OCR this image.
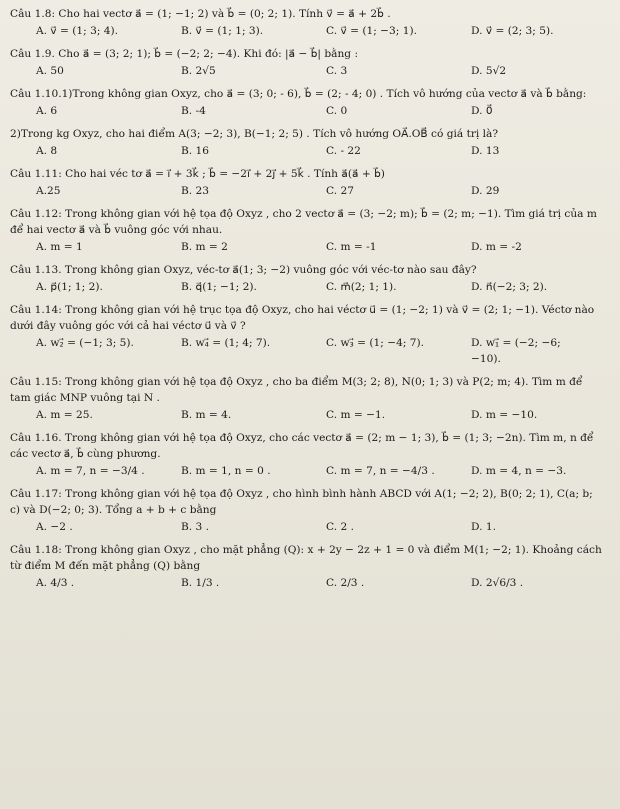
Câu 1.8: Cho hai vectơ a⃗ = (1; −1; 2) và b⃗ = (0; 2; 1). Tính v⃗ = a⃗ + 2b⃗ .
A. v⃗ = (1; 3; 4).	B. v⃗ = (1; 1; 3).	C. v⃗ = (1; −3; 1).	D. v⃗ = (2; 3; 5).
Câu 1.9. Cho a⃗ = (3; 2; 1); b⃗ = (−2; 2; −4). Khi đó: |a⃗ − b⃗| bằng :
A. 50	B. 2√5	C. 3	D. 5√2
Câu 1.10.1)Trong không gian Oxyz, cho a⃗ = (3; 0; - 6), b⃗ = (2; - 4; 0) . Tích vô hướng của vectơ a⃗ và b⃗ bằng:
A. 6	B. -4	C. 0	D. 0⃗
2)Trong kg Oxyz, cho hai điểm A(3; −2; 3), B(−1; 2; 5) . Tích vô hướng OA⃗.OB⃗ có giá trị là?
A. 8	B. 16	C. - 22	D. 13
Câu 1.11: Cho hai véc tơ a⃗ = i⃗ + 3k⃗ ; b⃗ = −2i⃗ + 2j⃗ + 5k⃗ . Tính a⃗(a⃗ + b⃗)
A.25	B. 23	C. 27	D. 29
Câu 1.12: Trong không gian với hệ tọa độ Oxyz , cho 2 vectơ a⃗ = (3; −2; m); b⃗ = (2; m; −1). Tìm giá trị của m để hai vectơ a⃗ và b⃗ vuông góc với nhau.
A. m = 1	B. m = 2	C. m = -1	D. m = -2
Câu 1.13. Trong không gian Oxyz, véc-tơ a⃗(1; 3; −2) vuông góc với véc-tơ nào sau đây?
A. p⃗(1; 1; 2).	B. q⃗(1; −1; 2).	C. m⃗(2; 1; 1).	D. n⃗(−2; 3; 2).
Câu 1.14: Trong không gian với hệ trục tọa độ Oxyz, cho hai véctơ u⃗ = (1; −2; 1) và v⃗ = (2; 1; −1). Véctơ nào dưới đây vuông góc với cả hai véctơ u⃗ và v⃗ ?
A. w₂⃗ = (−1; 3; 5).	B. w₄⃗ = (1; 4; 7).	C. w₃⃗ = (1; −4; 7).	D. w₁⃗ = (−2; −6; −10).
Câu 1.15: Trong không gian với hệ tọa độ Oxyz , cho ba điểm M(3; 2; 8), N(0; 1; 3) và P(2; m; 4). Tìm m để tam giác MNP vuông tại N .
A. m = 25.	B. m = 4.	C. m = −1.	D. m = −10.
Câu 1.16. Trong không gian với hệ tọa độ Oxyz, cho các vectơ a⃗ = (2; m − 1; 3), b⃗ = (1; 3; −2n). Tìm m, n để các vectơ a⃗, b⃗ cùng phương.
A. m = 7, n = −3/4 .	B. m = 1, n = 0 .	C. m = 7, n = −4/3 .	D. m = 4, n = −3.
Câu 1.17: Trong không gian với hệ tọa độ Oxyz , cho hình bình hành ABCD với A(1; −2; 2), B(0; 2; 1), C(a; b; c) và D(−2; 0; 3). Tổng a + b + c bằng
A. −2 .	B. 3 .	C. 2 .	D. 1.
Câu 1.18: Trong không gian Oxyz , cho mặt phẳng (Q): x + 2y − 2z + 1 = 0 và điểm M(1; −2; 1). Khoảng cách từ điểm M đến mặt phẳng (Q) bằng
A. 4/3 .	B. 1/3 .	C. 2/3 .	D. 2√6/3 .
